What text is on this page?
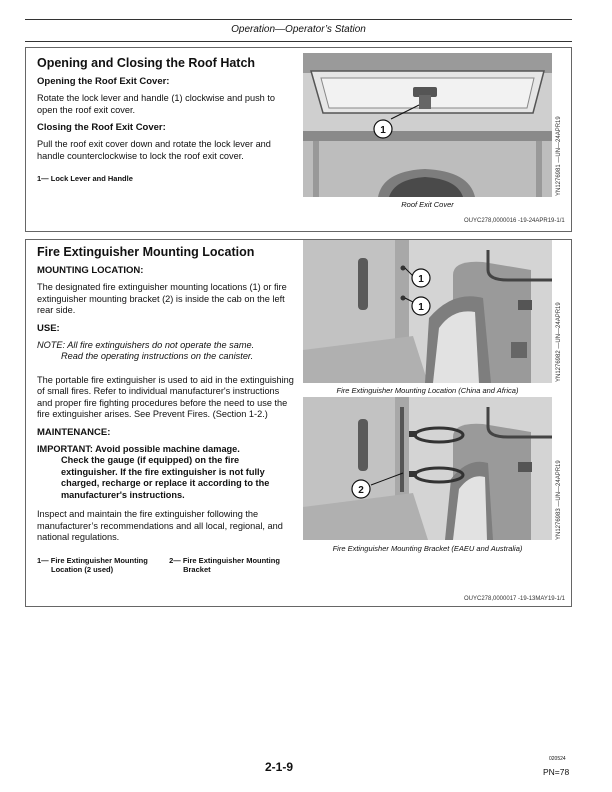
Operation—Operator’s Station
Opening and Closing the Roof Hatch
Opening the Roof Exit Cover:
Rotate the lock lever and handle (1) clockwise and push to open the roof exit cover.
Closing the Roof Exit Cover:
Pull the roof exit cover down and rotate the lock lever and handle counterclockwise to lock the roof exit cover.
1— Lock Lever and Handle
1
Roof Exit Cover
YN1276981 —UN—24APR19
OUYC278,0000016 -19-24APR19-1/1
Fire Extinguisher Mounting Location
MOUNTING LOCATION:
The designated fire extinguisher mounting locations (1) or fire extinguisher mounting bracket (2) is inside the cab on the left rear side.
USE:
NOTE: All fire extinguishers do not operate the same.
Read the operating instructions on the canister.
The portable fire extinguisher is used to aid in the extinguishing of small fires. Refer to individual manufacturer's instructions and proper fire fighting procedures before the need to use the fire extinguisher arises. See Prevent Fires. (Section 1-2.)
MAINTENANCE:
IMPORTANT: Avoid possible machine damage.
Check the gauge (if equipped) on the fire extinguisher. If the fire extinguisher is not fully charged, recharge or replace it according to the manufacturer's instructions.
Inspect and maintain the fire extinguisher following the manufacturer’s recommendations and all local, regional, and national regulations.
1— Fire Extinguisher Mounting
Location (2 used)

2— Fire Extinguisher Mounting
Bracket
1
1
Fire Extinguisher Mounting Location (China and Africa)
YN1276982 —UN—24APR19
2
Fire Extinguisher Mounting Bracket (EAEU and Australia)
YN1276983 —UN—24APR19
OUYC278,0000017 -19-13MAY19-1/1
2-1-9
020524
PN=78
